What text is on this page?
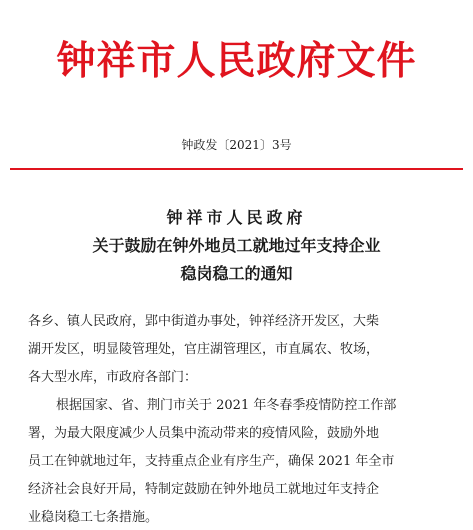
钟祥市人民政府文件
钟政发〔2021〕3号
钟祥市人民政府
关于鼓励在钟外地员工就地过年支持企业
稳岗稳工的通知
各乡、镇人民政府，郢中街道办事处，钟祥经济开发区，大柴
湖开发区，明显陵管理处，官庄湖管理区，市直属农、牧场，
各大型水库，市政府各部门：
根据国家、省、荆门市关于 2021 年冬春季疫情防控工作部
署，为最大限度减少人员集中流动带来的疫情风险，鼓励外地
员工在钟就地过年，支持重点企业有序生产，确保 2021 年全市
经济社会良好开局，特制定鼓励在钟外地员工就地过年支持企
业稳岗稳工七条措施。
